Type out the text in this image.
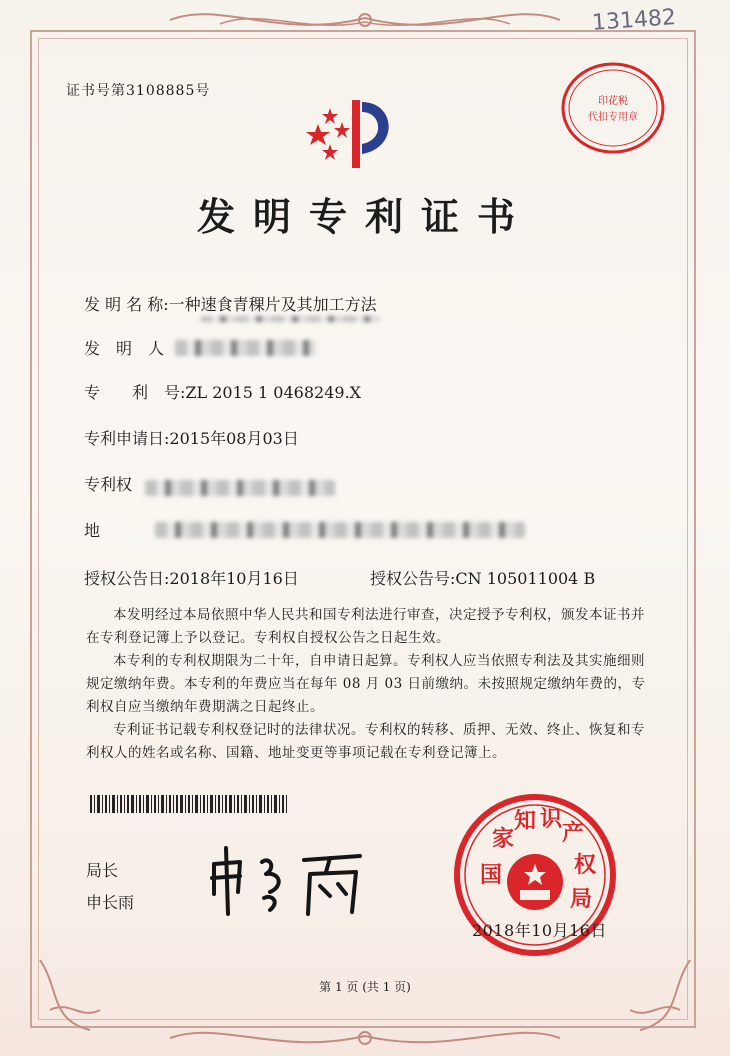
131482
证书号第3108885号
发明专利证书
发 明 名 称:一种速食青稞片及其加工方法
发　明　人
专　　利　号:ZL 2015 1 0468249.X
专利申请日:2015年08月03日
专利权
地
授权公告日:2018年10月16日	授权公告号:CN 105011004 B

本发明经过本局依照中华人民共和国专利法进行审查，决定授予专利权，颁发本证书并在专利登记簿上予以登记。专利权自授权公告之日起生效。

本专利的专利权期限为二十年，自申请日起算。专利权人应当依照专利法及其实施细则规定缴纳年费。本专利的年费应当在每年 08 月 03 日前缴纳。未按照规定缴纳年费的，专利权自应当缴纳年费期满之日起终止。

专利证书记载专利权登记时的法律状况。专利权的转移、质押、无效、终止、恢复和专利权人的姓名或名称、国籍、地址变更等事项记载在专利登记簿上。

局长
申长雨
印花税
代扣专用章
国
家
知 识
产
权
局
2018年10月16日
第 1 页 (共 1 页)
